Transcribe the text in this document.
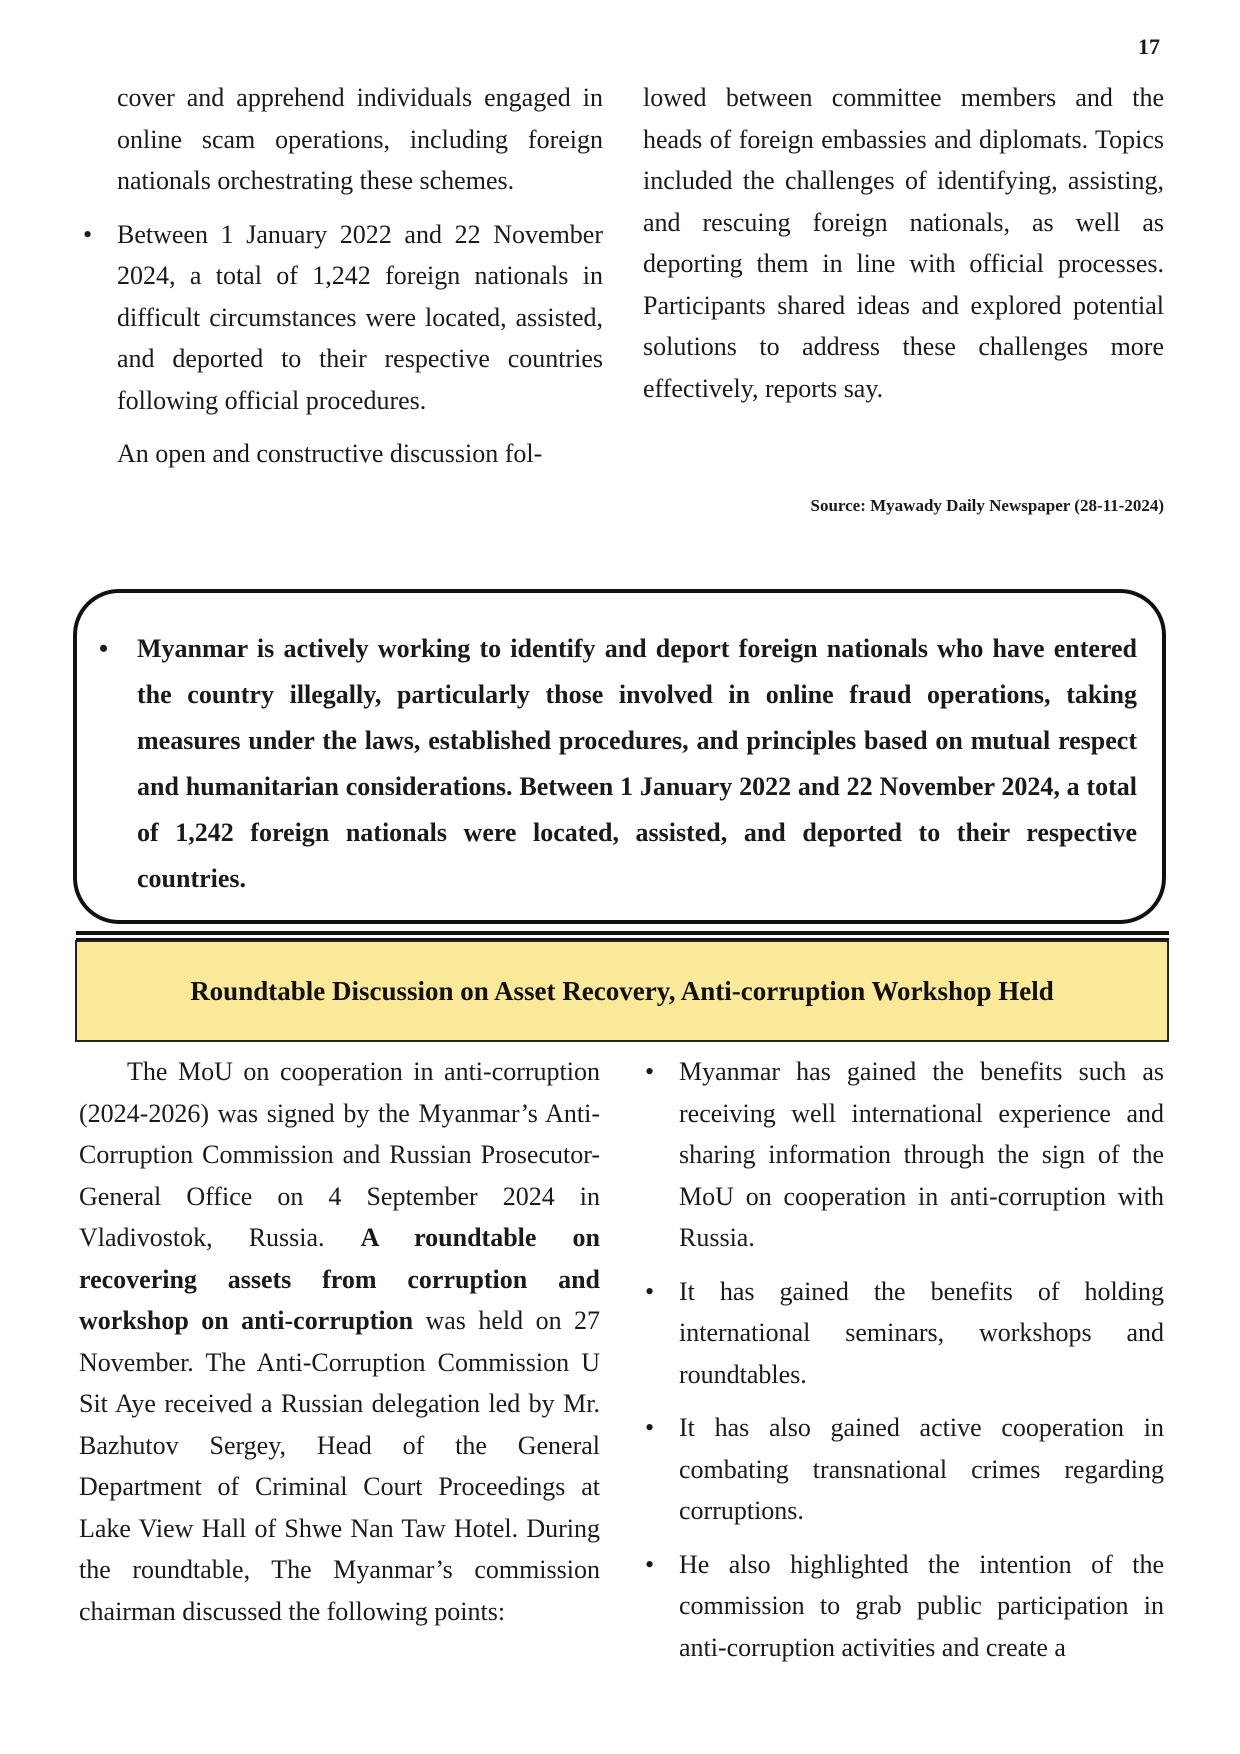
17

cover and apprehend individuals engaged in online scam operations, including foreign nationals orchestrating these schemes.

• Between 1 January 2022 and 22 November 2024, a total of 1,242 foreign nationals in difficult circumstances were located, assisted, and deported to their respective countries following official procedures.

An open and constructive discussion fol-

lowed between committee members and the heads of foreign embassies and diplomats. Topics included the challenges of identifying, assisting, and rescuing foreign nationals, as well as deporting them in line with official processes. Participants shared ideas and explored potential solutions to address these challenges more effectively, reports say.

Source: Myawady Daily Newspaper (28-11-2024)
• Myanmar is actively working to identify and deport foreign nationals who have entered the country illegally, particularly those involved in online fraud operations, taking measures under the laws, established procedures, and principles based on mutual respect and humanitarian considerations. Between 1 January 2022 and 22 November 2024, a total of 1,242 foreign nationals were located, assisted, and deported to their respective countries.
Roundtable Discussion on Asset Recovery, Anti-corruption Workshop Held

The MoU on cooperation in anti-corruption (2024-2026) was signed by the Myanmar’s Anti-Corruption Commission and Russian Prosecutor-General Office on 4 September 2024 in Vladivostok, Russia. A roundtable on recovering assets from corruption and workshop on anti-corruption was held on 27 November. The Anti-Corruption Commission U Sit Aye received a Russian delegation led by Mr. Bazhutov Sergey, Head of the General Department of Criminal Court Proceedings at Lake View Hall of Shwe Nan Taw Hotel. During the roundtable, The Myanmar’s commission chairman discussed the following points:

• Myanmar has gained the benefits such as receiving well international experience and sharing information through the sign of the MoU on cooperation in anti-corruption with Russia.
• It has gained the benefits of holding international seminars, workshops and roundtables.
• It has also gained active cooperation in combating transnational crimes regarding corruptions.
• He also highlighted the intention of the commission to grab public participation in anti-corruption activities and create a
